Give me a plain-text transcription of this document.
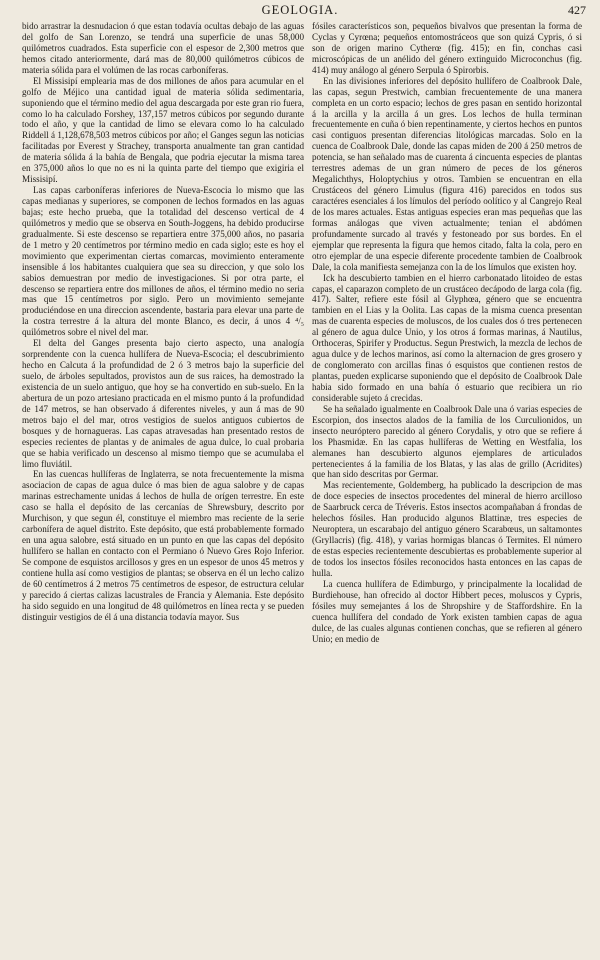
GEOLOGIA.	427

bido arrastrar la desnudacion ó que estan todavía ocultas debajo de las aguas del golfo de San Lorenzo, se tendrá una superficie de unas 58,000 quilómetros cuadrados. Esta superficie con el espesor de 2,300 metros que hemos citado anteriormente, dará mas de 80,000 quilómetros cúbicos de materia sólida para el volúmen de las rocas carboníferas.

El Missisipí emplearia mas de dos millones de años para acumular en el golfo de Méjico una cantidad igual de materia sólida sedimentaria, suponiendo que el término medio del agua descargada por este gran rio fuera, como lo ha calculado Forshey, 137,157 metros cúbicos por segundo durante todo el año, y que la cantidad de limo se elevara como lo ha calculado Riddell á 1,128,678,503 metros cúbicos por año; el Ganges segun las noticias facilitadas por Everest y Strachey, transporta anualmente tan gran cantidad de materia sólida á la bahía de Bengala, que podria ejecutar la misma tarea en 375,000 años lo que no es ni la quinta parte del tiempo que exigiria el Missisipí.

Las capas carboníferas inferiores de Nueva-Escocia lo mismo que las capas medianas y superiores, se componen de lechos formados en las aguas bajas; este hecho prueba, que la totalidad del descenso vertical de 4 quilómetros y medio que se observa en South-Joggens, ha debido producirse gradualmente. Si este descenso se repartiera entre 375,000 años, no pasaria de 1 metro y 20 centímetros por término medio en cada siglo; este es hoy el movimiento que experimentan ciertas comarcas, movimiento enteramente insensible á los habitantes cualquiera que sea su direccion, y que solo los sabios demuestran por medio de investigaciones. Si por otra parte, el descenso se repartiera entre dos millones de años, el término medio no seria mas que 15 centímetros por siglo. Pero un movimiento semejante produciéndose en una direccion ascendente, bastaria para elevar una parte de la costra terrestre á la altura del monte Blanco, es decir, á unos 4 ⁴/₅ quilómetros sobre el nivel del mar.

El delta del Ganges presenta bajo cierto aspecto, una analogía sorprendente con la cuenca hullífera de Nueva-Escocia; el descubrimiento hecho en Calcuta á la profundidad de 2 ó 3 metros bajo la superficie del suelo, de árboles sepultados, provistos aun de sus raices, ha demostrado la existencia de un suelo antiguo, que hoy se ha convertido en sub-suelo. En la abertura de un pozo artesiano practicada en el mismo punto á la profundidad de 147 metros, se han observado á diferentes niveles, y aun á mas de 90 metros bajo el del mar, otros vestigios de suelos antiguos cubiertos de bosques y de hornagueras. Las capas atravesadas han presentado restos de especies recientes de plantas y de animales de agua dulce, lo cual probaria que se habia verificado un descenso al mismo tiempo que se acumulaba el limo fluviátil.

En las cuencas hullíferas de Inglaterra, se nota frecuentemente la misma asociacion de capas de agua dulce ó mas bien de agua salobre y de capas marinas estrechamente unidas á lechos de hulla de orígen terrestre. En este caso se halla el depósito de las cercanías de Shrewsbury, descrito por Murchison, y que segun él, constituye el miembro mas reciente de la serie carbonífera de aquel distrito. Este depósito, que está probablemente formado en una agua salobre, está situado en un punto en que las capas del depósito hullífero se hallan en contacto con el Permiano ó Nuevo Gres Rojo Inferior. Se compone de esquistos arcillosos y gres en un espesor de unos 45 metros y contiene hulla así como vestigios de plantas; se observa en él un lecho calizo de 60 centímetros á 2 metros 75 centímetros de espesor, de estructura celular y parecido á ciertas calizas lacustrales de Francia y Alemania. Este depósito ha sido seguido en una longitud de 48 quilómetros en línea recta y se pueden distinguir vestigios de él á una distancia todavía mayor. Sus

fósiles característicos son, pequeños bivalvos que presentan la forma de Cyclas y Cyrœna; pequeños entomostráceos que son quizá Cypris, ó si son de origen marino Cytherœ (fig. 415); en fin, conchas casi microscópicas de un anélido del género extinguido Microconchus (fig. 414) muy análogo al género Serpula ó Spirorbis.

En las divisiones inferiores del depósito hullífero de Coalbrook Dale, las capas, segun Prestwich, cambian frecuentemente de una manera completa en un corto espacio; lechos de gres pasan en sentido horizontal á la arcilla y la arcilla á un gres. Los lechos de hulla terminan frecuentemente en cuña ó bien repentinamente, y ciertos hechos en puntos casi contiguos presentan diferencias litológicas marcadas. Solo en la cuenca de Coalbrook Dale, donde las capas miden de 200 á 250 metros de potencia, se han señalado mas de cuarenta á cincuenta especies de plantas terrestres ademas de un gran número de peces de los géneros Megalichthys, Holoptychius y otros. Tambien se encuentran en ella Crustáceos del género Limulus (figura 416) parecidos en todos sus caractéres esenciales á los límulos del período oolítico y al Cangrejo Real de los mares actuales. Estas antiguas especies eran mas pequeñas que las formas análogas que viven actualmente; tenian el abdómen profundamente surcado al través y festoneado por sus bordes. En el ejemplar que representa la figura que hemos citado, falta la cola, pero en otro ejemplar de una especie diferente procedente tambien de Coalbrook Dale, la cola manifiesta semejanza con la de los límulos que existen hoy.

Ick ha descubierto tambien en el hierro carbonatado litoideo de estas capas, el caparazon completo de un crustáceo decápodo de larga cola (fig. 417). Salter, refiere este fósil al Glyphœa, género que se encuentra tambien en el Lias y la Oolita. Las capas de la misma cuenca presentan mas de cuarenta especies de moluscos, de los cuales dos ó tres pertenecen al género de agua dulce Unio, y los otros á formas marinas, á Nautilus, Orthoceras, Spirifer y Productus. Segun Prestwich, la mezcla de lechos de agua dulce y de lechos marinos, así como la alternacion de gres grosero y de conglomerato con arcillas finas ó esquistos que contienen restos de plantas, pueden explicarse suponiendo que el depósito de Coalbrook Dale habia sido formado en una bahía ó estuario que recibiera un rio considerable sujeto á crecidas.

Se ha señalado igualmente en Coalbrook Dale una ó varias especies de Escorpion, dos insectos alados de la familia de los Curculionidos, un insecto neuróptero parecido al género Corydalis, y otro que se refiere á los Phasmidæ. En las capas hullíferas de Wetting en Westfalia, los alemanes han descubierto algunos ejemplares de articulados pertenecientes á la familia de los Blatas, y las alas de grillo (Acridites) que han sido descritas por Germar.

Mas recientemente, Goldemberg, ha publicado la descripcion de mas de doce especies de insectos procedentes del mineral de hierro arcilloso de Saarbruck cerca de Tréveris. Estos insectos acompañaban á frondas de helechos fósiles. Han producido algunos Blattinæ, tres especies de Neuroptera, un escarabajo del antiguo género Scarabœus, un saltamontes (Gryllacris) (fig. 418), y varias hormigas blancas ó Termites. El número de estas especies recientemente descubiertas es probablemente superior al de todos los insectos fósiles reconocidos hasta entonces en las capas de hulla.

La cuenca hullífera de Edimburgo, y principalmente la localidad de Burdiehouse, han ofrecido al doctor Hibbert peces, moluscos y Cypris, fósiles muy semejantes á los de Shropshire y de Staffordshire. En la cuenca hullífera del condado de York existen tambien capas de agua dulce, de las cuales algunas contienen conchas, que se refieren al género Unio; en medio de
